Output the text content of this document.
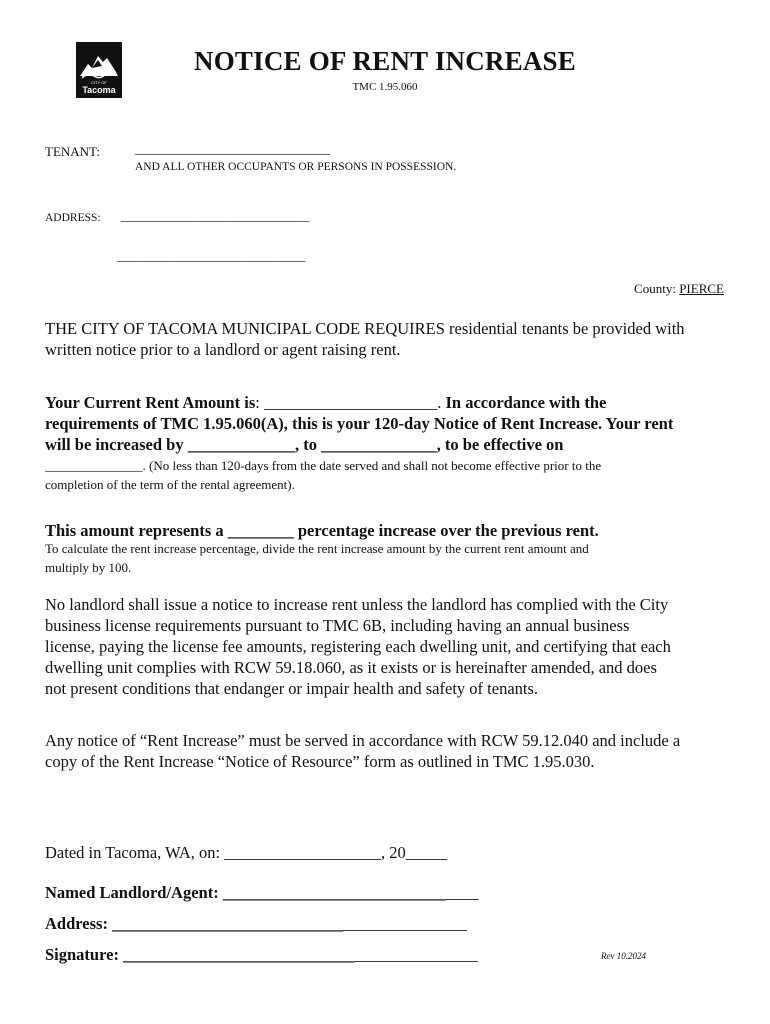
CITY OF
Tacoma
NOTICE OF RENT INCREASE
TMC 1.95.060
TENANT:	______________________________
AND ALL OTHER OCCUPANTS OR PERSONS IN POSSESSION.
ADDRESS: _____________________________
_____________________________
County: PIERCE
THE CITY OF TACOMA MUNICIPAL CODE REQUIRES residential tenants be provided with written notice prior to a landlord or agent raising rent.
Your Current Rent Amount is: _____________________. In accordance with the
requirements of TMC 1.95.060(A), this is your 120-day Notice of Rent Increase. Your rent
will be increased by _____________, to ______________, to be effective on
_______________. (No less than 120-days from the date served and shall not become effective prior to the
completion of the term of the rental agreement).
This amount represents a ________ percentage increase over the previous rent.
To calculate the rent increase percentage, divide the rent increase amount by the current rent amount and
multiply by 100.
No landlord shall issue a notice to increase rent unless the landlord has complied with the City
business license requirements pursuant to TMC 6B, including having an annual business
license, paying the license fee amounts, registering each dwelling unit, and certifying that each
dwelling unit complies with RCW 59.18.060, as it exists or is hereinafter amended, and does
not present conditions that endanger or impair health and safety of tenants.
Any notice of “Rent Increase” must be served in accordance with RCW 59.12.040 and include a
copy of the Rent Increase “Notice of Resource” form as outlined in TMC 1.95.030.
Dated in Tacoma, WA, on: ___________________, 20_____
Named Landlord/Agent: _______________________________
Address: ___________________________________________
Signature: ___________________________________________	Rev 10.2024
